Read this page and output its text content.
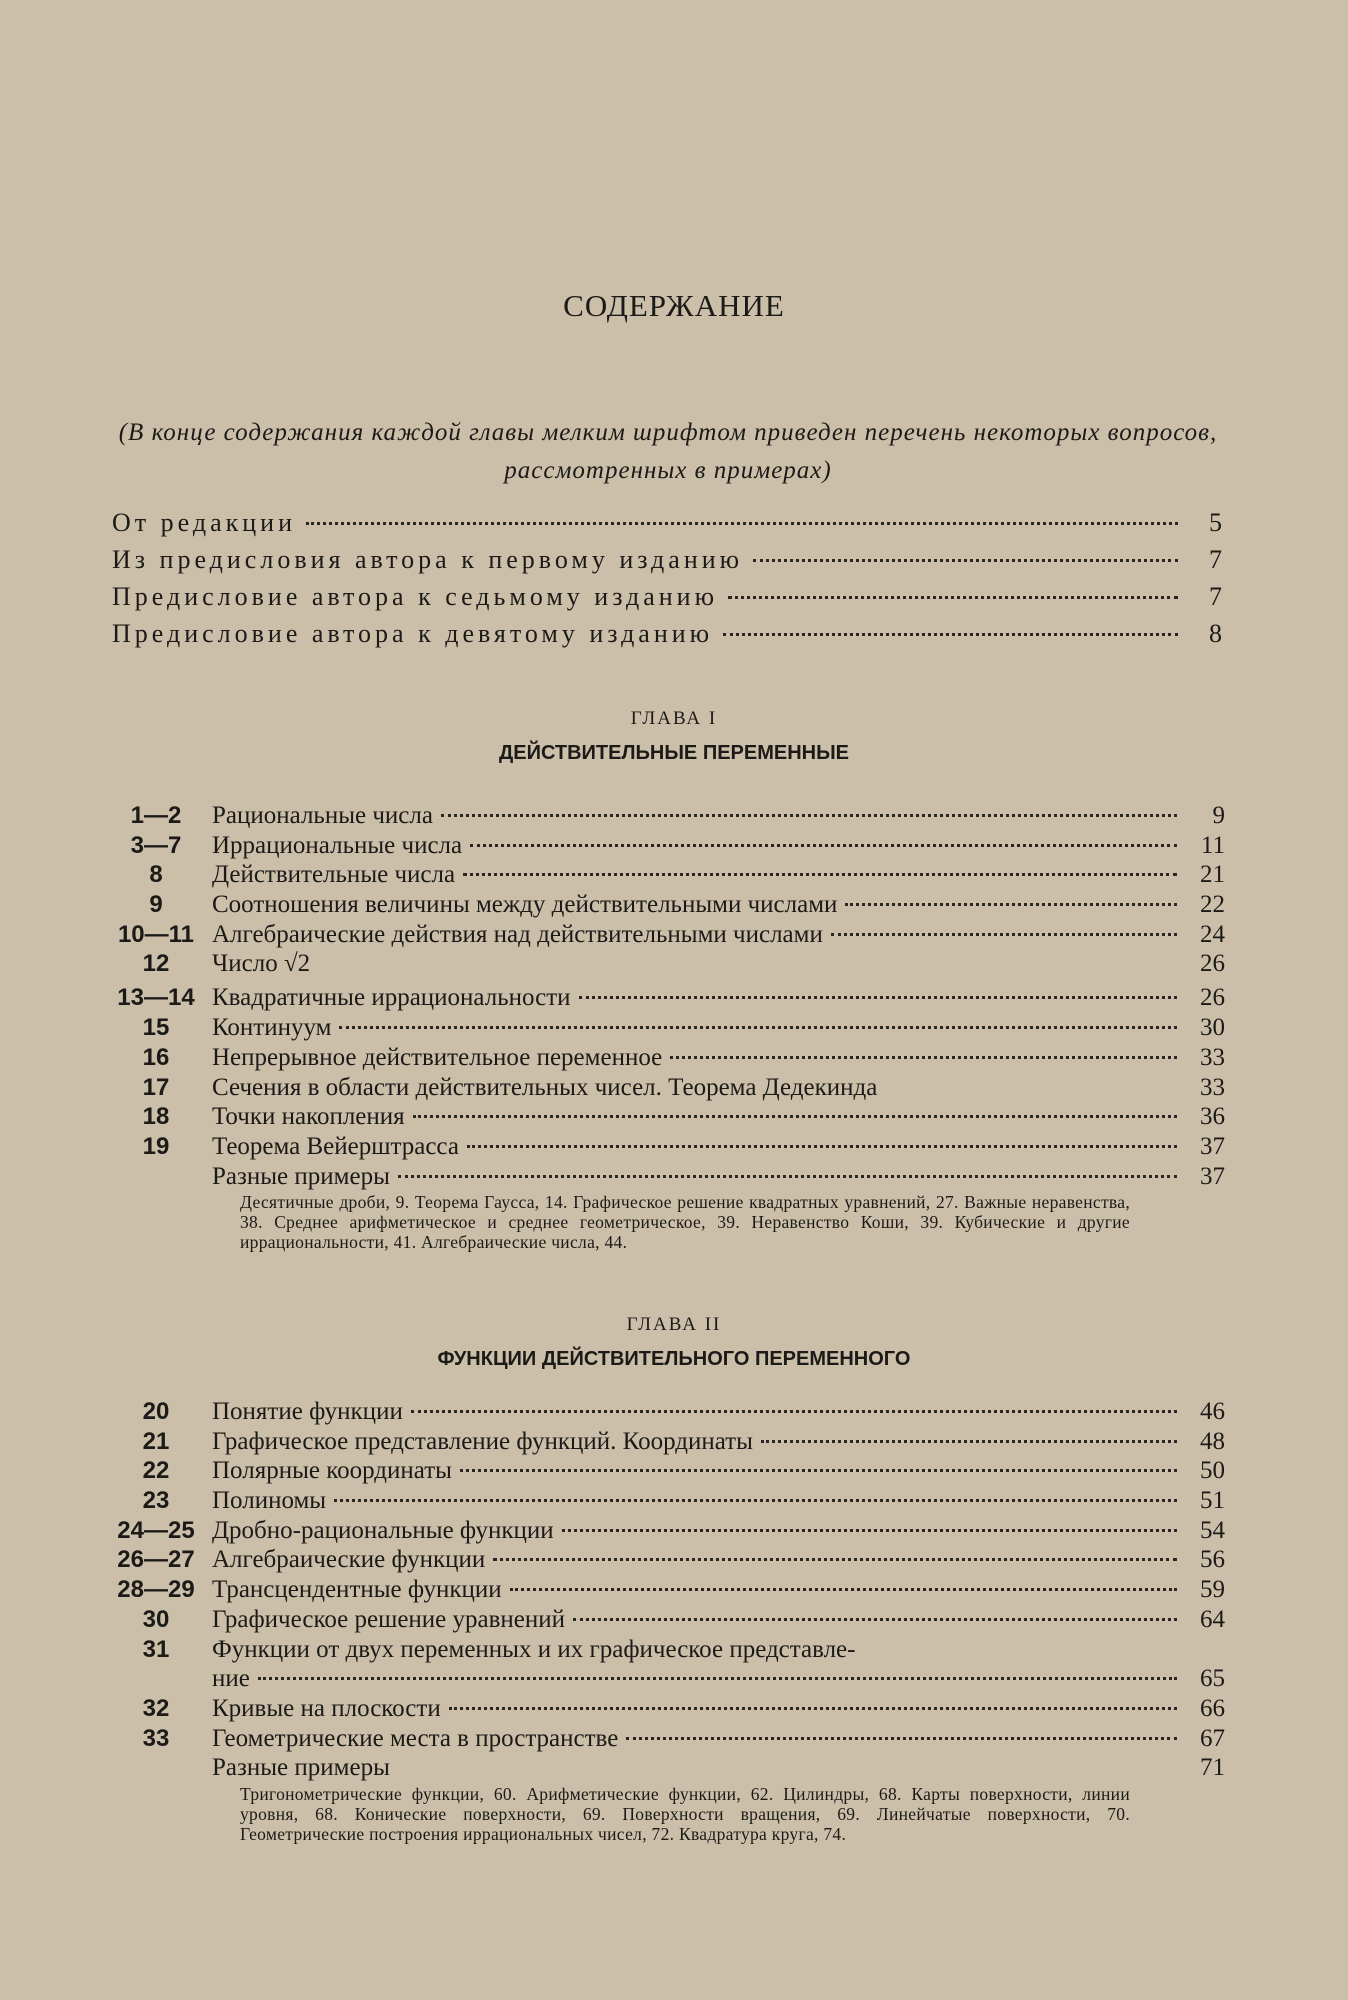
СОДЕРЖАНИЕ
(В конце содержания каждой главы мелким шрифтом приведен перечень некоторых вопросов, рассмотренных в примерах)
От редакции	5
Из предисловия автора к первому изданию	7
Предисловие автора к седьмому изданию	7
Предисловие автора к девятому изданию	8
ГЛАВА I
ДЕЙСТВИТЕЛЬНЫЕ ПЕРЕМЕННЫЕ
1—2	Рациональные числа	9
3—7	Иррациональные числа	11
8	Действительные числа	21
9	Соотношения величины между действительными числами	22
10—11 Алгебраические действия над действительными числами	24
12	Число √2	26
13—14 Квадратичные иррациональности	26
15	Континуум	30
16	Непрерывное действительное переменное	33
17	Сечения в области действительных чисел. Теорема Дедекинда	33
18	Точки накопления	36
19	Теорема Вейерштрасса	37
Разные примеры	37
Десятичные дроби, 9. Теорема Гаусса, 14. Графическое решение квадратных уравнений, 27. Важные неравенства, 38. Среднее арифметическое и среднее геометрическое, 39. Неравенство Коши, 39. Кубические и другие иррациональности, 41. Алгебраические числа, 44.
ГЛАВА II
ФУНКЦИИ ДЕЙСТВИТЕЛЬНОГО ПЕРЕМЕННОГО
20	Понятие функции	46
21	Графическое представление функций. Координаты	48
22	Полярные координаты	50
23	Полиномы	51
24—25 Дробно-рациональные функции	54
26—27 Алгебраические функции	56
28—29 Трансцендентные функции	59
30	Графическое решение уравнений	64
31	Функции от двух переменных и их графическое представле-
ние	65
32	Кривые на плоскости	66
33	Геометрические места в пространстве	67
Разные примеры	71
Тригонометрические функции, 60. Арифметические функции, 62. Цилиндры, 68. Карты поверхности, линии уровня, 68. Конические поверхности, 69. Поверхности вращения, 69. Линейчатые поверхности, 70. Геометрические построения иррациональных чисел, 72. Квадратура круга, 74.
